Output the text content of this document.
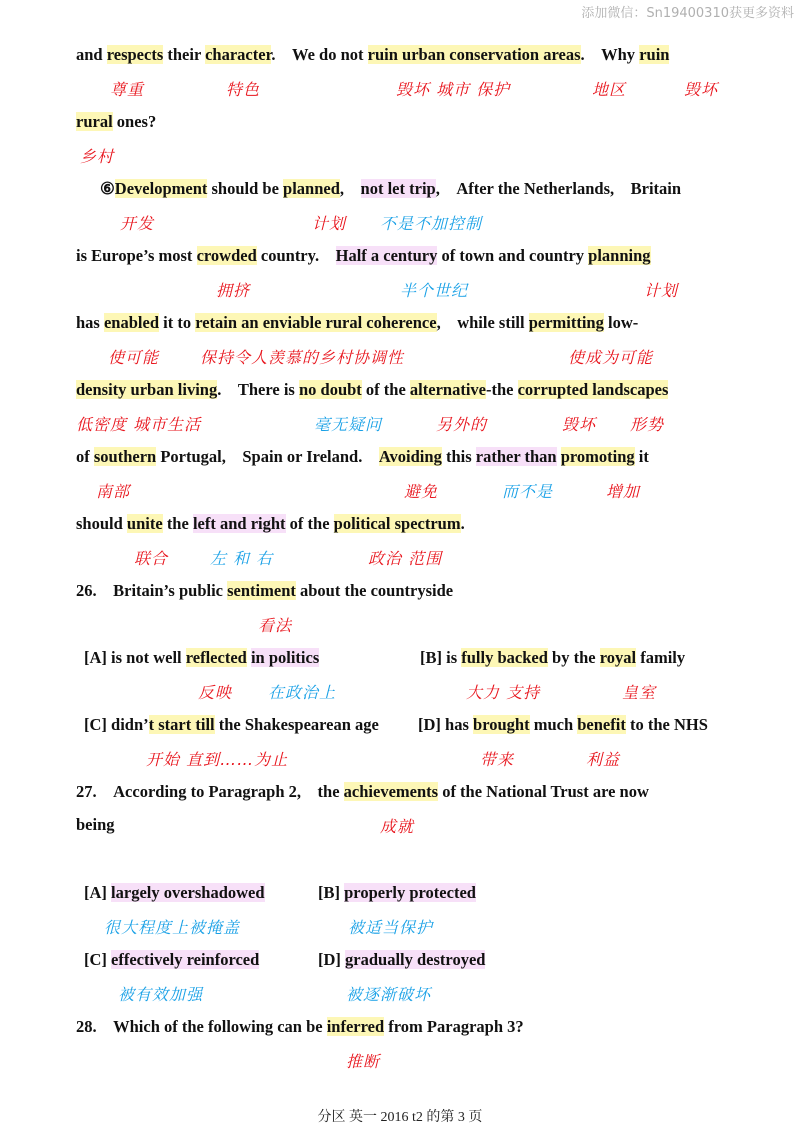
添加微信：Sn19400310获更多资料
and respects their character.　We do not ruin urban conservation areas.　Why ruin
rural ones?
⑥Development should be planned,　not let trip,　After the Netherlands,　Britain
is Europe’s most crowded country.　Half a century of town and country planning
has enabled it to retain an enviable rural coherence,　while still permitting low-
density urban living.　There is no doubt of the alternative-the corrupted landscapes
of southern Portugal,　Spain or Ireland.　Avoiding this rather than promoting it
should unite the left and right of the political spectrum.
26.　Britain’s public sentiment about the countryside
[A] is not well reflected in politics	[B] is fully backed by the royal family
[C] didn’t start till the Shakespearean age [D] has brought much benefit to the NHS
27.　According to Paragraph 2,　the achievements of the National Trust are now
being
[A] largely overshadowed	[B] properly protected
[C] effectively reinforced	[D] gradually destroyed
28.　Which of the following can be inferred from Paragraph 3?
尊重	特色	毁坏 城市 保护	地区	毁坏
乡村
开发	计划 不是不加控制
拥挤	半个世纪	计划
使可能	保持令人羡慕的乡村协调性	使成为可能
低密度 城市生活	毫无疑问	另外的	毁坏 形势
南部	避免	而不是	增加
联合	左 和 右	政治 范围
看法
反映 在政治上	大力 支持	皇室
开始 直到……为止	带来	利益
成就
很大程度上被掩盖	被适当保护
被有效加强	被逐渐破坏
推断
分区 英一 2016 t2 的第 3 页
